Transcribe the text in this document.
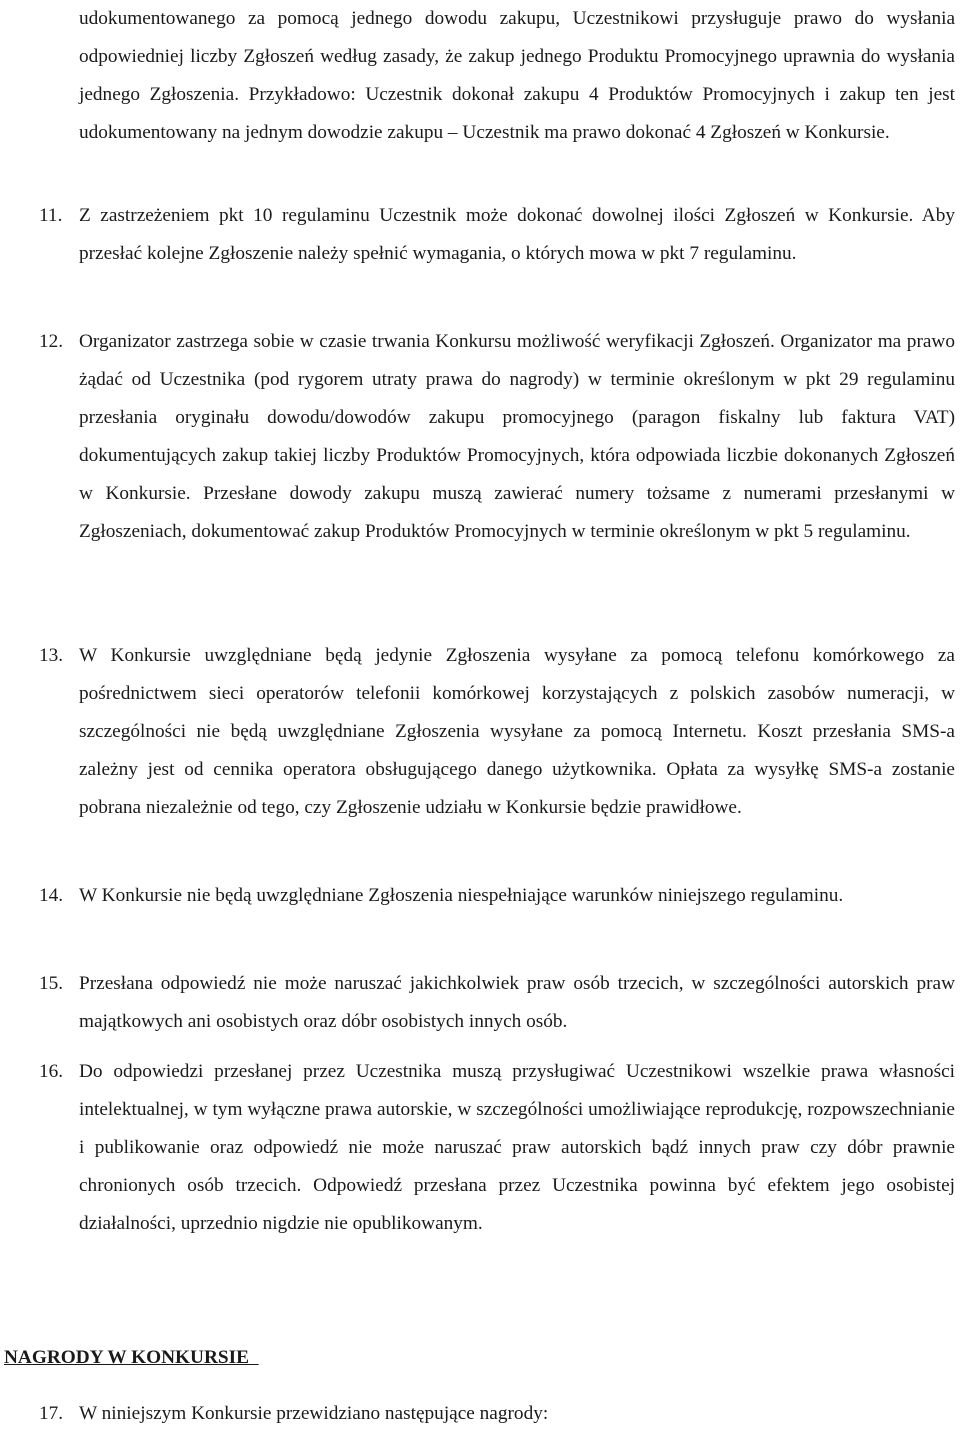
udokumentowanego za pomocą jednego dowodu zakupu, Uczestnikowi przysługuje prawo do wysłania odpowiedniej liczby Zgłoszeń według zasady, że zakup jednego Produktu Promocyjnego uprawnia do wysłania jednego Zgłoszenia. Przykładowo: Uczestnik dokonał zakupu 4 Produktów Promocyjnych i zakup ten jest udokumentowany na jednym dowodzie zakupu – Uczestnik ma prawo dokonać 4 Zgłoszeń w Konkursie.
11. Z zastrzeżeniem pkt 10 regulaminu Uczestnik może dokonać dowolnej ilości Zgłoszeń w Konkursie. Aby przesłać kolejne Zgłoszenie należy spełnić wymagania, o których mowa w pkt 7 regulaminu.
12. Organizator zastrzega sobie w czasie trwania Konkursu możliwość weryfikacji Zgłoszeń. Organizator ma prawo żądać od Uczestnika (pod rygorem utraty prawa do nagrody) w terminie określonym w pkt 29 regulaminu przesłania oryginału dowodu/dowodów zakupu promocyjnego (paragon fiskalny lub faktura VAT) dokumentujących zakup takiej liczby Produktów Promocyjnych, która odpowiada liczbie dokonanych Zgłoszeń w Konkursie. Przesłane dowody zakupu muszą zawierać numery tożsame z numerami przesłanymi w Zgłoszeniach, dokumentować zakup Produktów Promocyjnych w terminie określonym w pkt 5 regulaminu.
13. W Konkursie uwzględniane będą jedynie Zgłoszenia wysyłane za pomocą telefonu komórkowego za pośrednictwem sieci operatorów telefonii komórkowej korzystających z polskich zasobów numeracji, w szczególności nie będą uwzględniane Zgłoszenia wysyłane za pomocą Internetu. Koszt przesłania SMS-a zależny jest od cennika operatora obsługującego danego użytkownika. Opłata za wysyłkę SMS-a zostanie pobrana niezależnie od tego, czy Zgłoszenie udziału w Konkursie będzie prawidłowe.
14. W Konkursie nie będą uwzględniane Zgłoszenia niespełniające warunków niniejszego regulaminu.
15. Przesłana odpowiedź nie może naruszać jakichkolwiek praw osób trzecich, w szczególności autorskich praw majątkowych ani osobistych oraz dóbr osobistych innych osób.
16. Do odpowiedzi przesłanej przez Uczestnika muszą przysługiwać Uczestnikowi wszelkie prawa własności intelektualnej, w tym wyłączne prawa autorskie, w szczególności umożliwiające reprodukcję, rozpowszechnianie i publikowanie oraz odpowiedź nie może naruszać praw autorskich bądź innych praw czy dóbr prawnie chronionych osób trzecich. Odpowiedź przesłana przez Uczestnika powinna być efektem jego osobistej działalności, uprzednio nigdzie nie opublikowanym.
NAGRODY W KONKURSIE
17. W niniejszym Konkursie przewidziano następujące nagrody:
